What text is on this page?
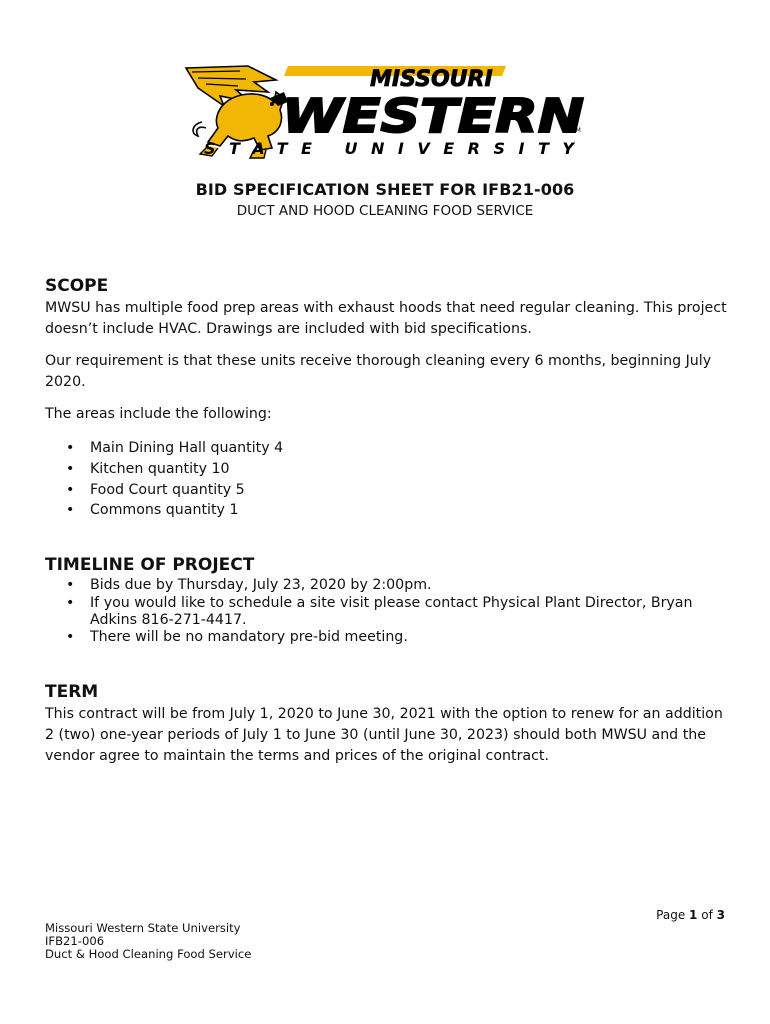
MISSOURI
WESTERN
TM
STATE UNIVERSITY
BID SPECIFICATION SHEET FOR IFB21-006
DUCT AND HOOD CLEANING FOOD SERVICE
SCOPE

MWSU has multiple food prep areas with exhaust hoods that need regular cleaning. This project doesn’t include HVAC. Drawings are included with bid specifications.

Our requirement is that these units receive thorough cleaning every 6 months, beginning July 2020.

The areas include the following:

• Main Dining Hall quantity 4
• Kitchen quantity 10
• Food Court quantity 5
• Commons quantity 1
TIMELINE OF PROJECT
• Bids due by Thursday, July 23, 2020 by 2:00pm.
• If you would like to schedule a site visit please contact Physical Plant Director, Bryan Adkins 816-271-4417.
• There will be no mandatory pre-bid meeting.
TERM

This contract will be from July 1, 2020 to June 30, 2021 with the option to renew for an addition 2 (two) one-year periods of July 1 to June 30 (until June 30, 2023) should both MWSU and the vendor agree to maintain the terms and prices of the original contract.

Page 1 of 3
Missouri Western State University
IFB21-006
Duct & Hood Cleaning Food Service
